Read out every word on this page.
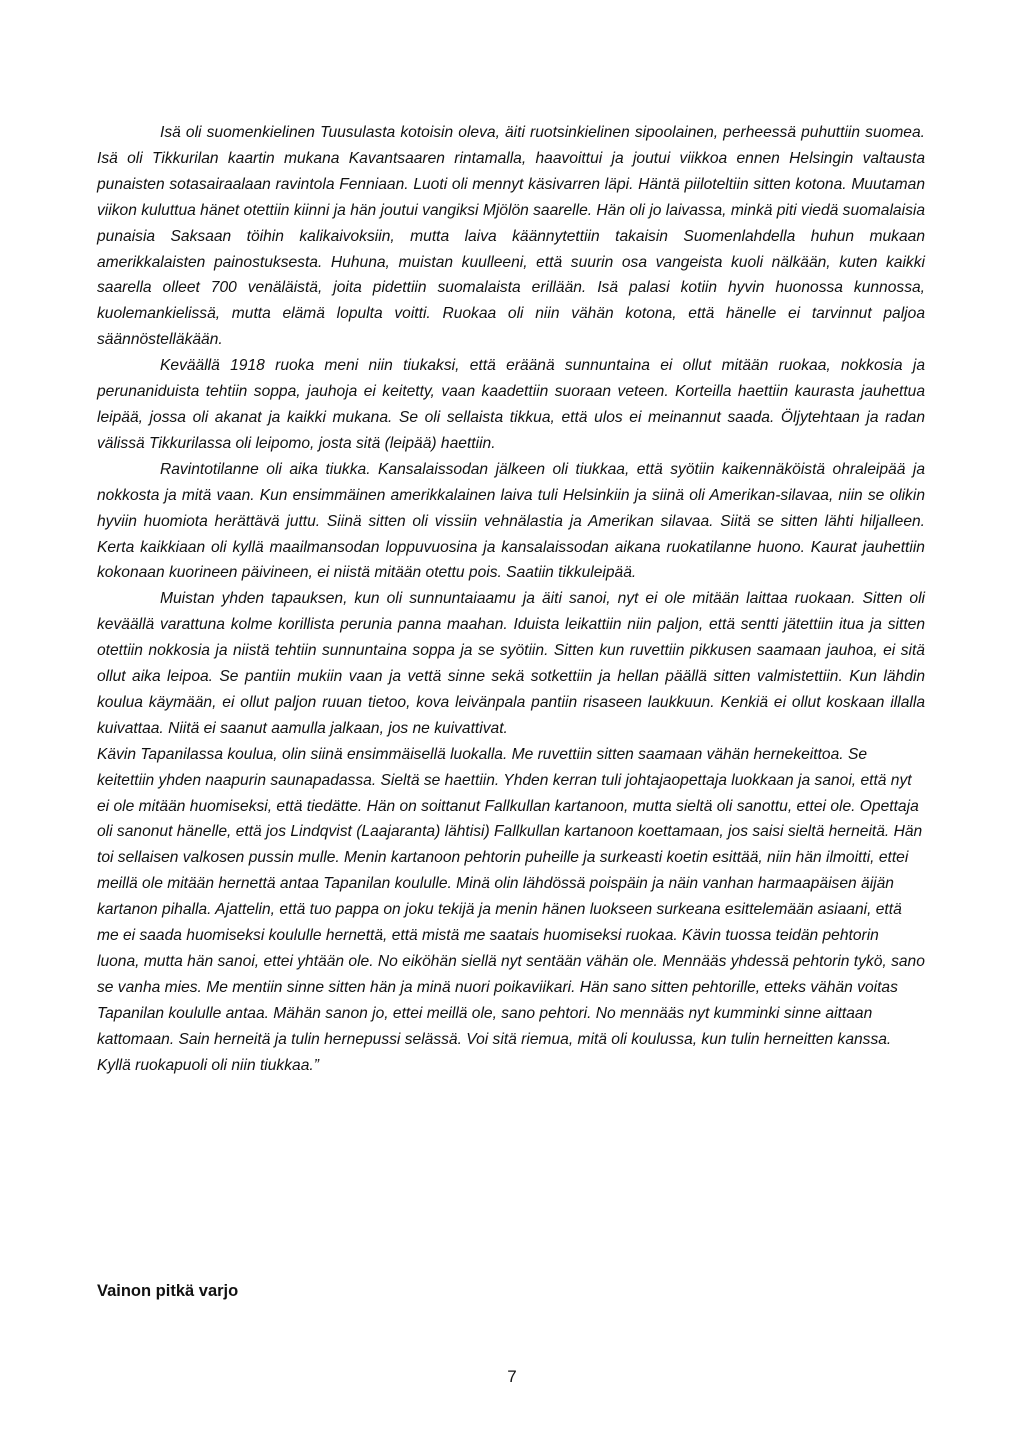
Isä oli suomenkielinen Tuusulasta kotoisin oleva, äiti ruotsinkielinen sipoolainen, perheessä puhuttiin suomea. Isä oli Tikkurilan kaartin mukana Kavantsaaren rintamalla, haavoittui ja joutui viikkoa ennen Helsingin valtausta punaisten sotasairaalaan ravintola Fenniaan. Luoti oli mennyt käsivarren läpi. Häntä piiloteltiin sitten kotona. Muutaman viikon kuluttua hänet otettiin kiinni ja hän joutui vangiksi Mjölön saarelle. Hän oli jo laivassa, minkä piti viedä suomalaisia punaisia Saksaan töihin kalikaivoksiin, mutta laiva käännytettiin takaisin Suomenlahdella huhun mukaan amerikkalaisten painostuksesta. Huhuna, muistan kuulleeni, että suurin osa vangeista kuoli nälkään, kuten kaikki saarella olleet 700 venäläistä, joita pidettiin suomalaista erillään. Isä palasi kotiin hyvin huonossa kunnossa, kuolemankielissä, mutta elämä lopulta voitti. Ruokaa oli niin vähän kotona, että hänelle ei tarvinnut paljoa säännöstelläkään.

Keväällä 1918 ruoka meni niin tiukaksi, että eräänä sunnuntaina ei ollut mitään ruokaa, nokkosia ja perunaniduista tehtiin soppa, jauhoja ei keitetty, vaan kaadettiin suoraan veteen. Korteilla haettiin kaurasta jauhettua leipää, jossa oli akanat ja kaikki mukana. Se oli sellaista tikkua, että ulos ei meinannut saada. Öljytehtaan ja radan välissä Tikkurilassa oli leipomo, josta sitä (leipää) haettiin.

Ravintotilanne oli aika tiukka. Kansalaissodan jälkeen oli tiukkaa, että syötiin kaikennäköistä ohraleipää ja nokkosta ja mitä vaan. Kun ensimmäinen amerikkalainen laiva tuli Helsinkiin ja siinä oli Amerikan-silavaa, niin se olikin hyviin huomiota herättävä juttu. Siinä sitten oli vissiin vehnälastia ja Amerikan silavaa. Siitä se sitten lähti hiljalleen. Kerta kaikkiaan oli kyllä maailmansodan loppuvuosina ja kansalaissodan aikana ruokatilanne huono. Kaurat jauhettiin kokonaan kuorineen päivineen, ei niistä mitään otettu pois. Saatiin tikkuleipää.

Muistan yhden tapauksen, kun oli sunnuntaiaamu ja äiti sanoi, nyt ei ole mitään laittaa ruokaan. Sitten oli keväällä varattuna kolme korillista perunia panna maahan. Iduista leikattiin niin paljon, että sentti jätettiin itua ja sitten otettiin nokkosia ja niistä tehtiin sunnuntaina soppa ja se syötiin. Sitten kun ruvettiin pikkusen saamaan jauhoa, ei sitä ollut aika leipoa. Se pantiin mukiin vaan ja vettä sinne sekä sotkettiin ja hellan päällä sitten valmistettiin. Kun lähdin koulua käymään, ei ollut paljon ruuan tietoo, kova leivänpala pantiin risaseen laukkuun. Kenkiä ei ollut koskaan illalla kuivattaa. Niitä ei saanut aamulla jalkaan, jos ne kuivattivat.

Kävin Tapanilassa koulua, olin siinä ensimmäisellä luokalla. Me ruvettiin sitten saamaan vähän hernekeittoa. Se keitettiin yhden naapurin saunapadassa. Sieltä se haettiin. Yhden kerran tuli johtajaopettaja luokkaan ja sanoi, että nyt ei ole mitään huomiseksi, että tiedätte. Hän on soittanut Fallkullan kartanoon, mutta sieltä oli sanottu, ettei ole. Opettaja oli sanonut hänelle, että jos Lindqvist (Laajaranta) lähtisi) Fallkullan kartanoon koettamaan, jos saisi sieltä herneitä. Hän toi sellaisen valkosen pussin mulle. Menin kartanoon pehtorin puheille ja surkeasti koetin esittää, niin hän ilmoitti, ettei meillä ole mitään hernettä antaa Tapanilan koululle. Minä olin lähdössä poispäin ja näin vanhan harmaapäisen äijän kartanon pihalla. Ajattelin, että tuo pappa on joku tekijä ja menin hänen luokseen surkeana esittelemään asiaani, että me ei saada huomiseksi koululle hernettä, että mistä me saatais huomiseksi ruokaa. Kävin tuossa teidän pehtorin luona, mutta hän sanoi, ettei yhtään ole. No eiköhän siellä nyt sentään vähän ole. Mennääs yhdessä pehtorin tykö, sano se vanha mies. Me mentiin sinne sitten hän ja minä nuori poikaviikari. Hän sano sitten pehtorille, etteks vähän voitas Tapanilan koululle antaa. Mähän sanon jo, ettei meillä ole, sano pehtori. No mennääs nyt kumminki sinne aittaan kattomaan. Sain herneitä ja tulin hernepussi selässä. Voi sitä riemua, mitä oli koulussa, kun tulin herneitten kanssa. Kyllä ruokapuoli oli niin tiukkaa.”

Vainon pitkä varjo
7
